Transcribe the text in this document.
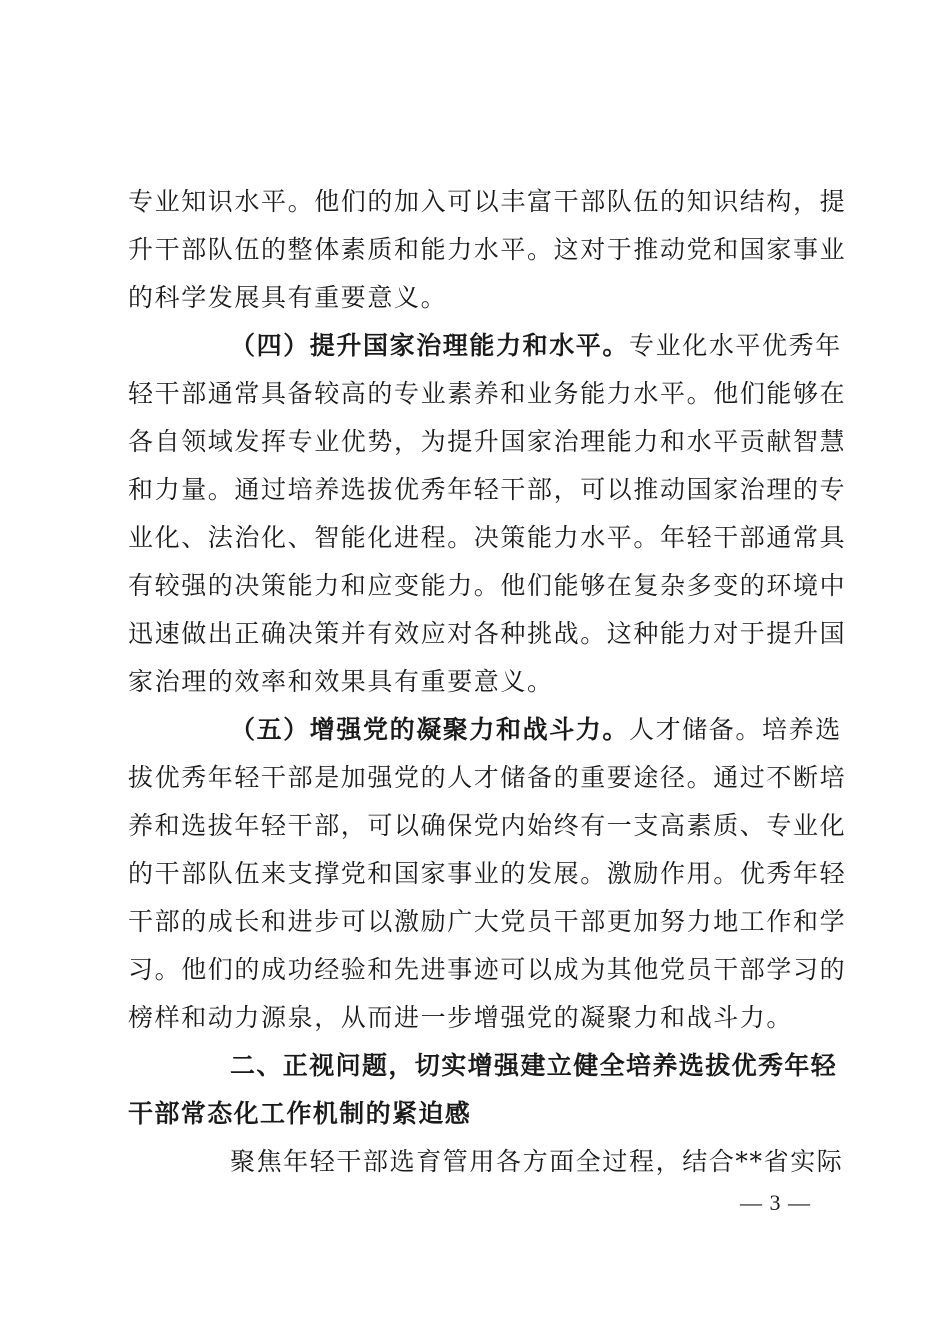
专业知识水平。他们的加入可以丰富干部队伍的知识结构，提
升干部队伍的整体素质和能力水平。这对于推动党和国家事业
的科学发展具有重要意义。
（四）提升国家治理能力和水平。专业化水平优秀年
轻干部通常具备较高的专业素养和业务能力水平。他们能够在
各自领域发挥专业优势，为提升国家治理能力和水平贡献智慧
和力量。通过培养选拔优秀年轻干部，可以推动国家治理的专
业化、法治化、智能化进程。决策能力水平。年轻干部通常具
有较强的决策能力和应变能力。他们能够在复杂多变的环境中
迅速做出正确决策并有效应对各种挑战。这种能力对于提升国
家治理的效率和效果具有重要意义。
（五）增强党的凝聚力和战斗力。人才储备。培养选
拔优秀年轻干部是加强党的人才储备的重要途径。通过不断培
养和选拔年轻干部，可以确保党内始终有一支高素质、专业化
的干部队伍来支撑党和国家事业的发展。激励作用。优秀年轻
干部的成长和进步可以激励广大党员干部更加努力地工作和学
习。他们的成功经验和先进事迹可以成为其他党员干部学习的
榜样和动力源泉，从而进一步增强党的凝聚力和战斗力。
二、正视问题，切实增强建立健全培养选拔优秀年轻
干部常态化工作机制的紧迫感
聚焦年轻干部选育管用各方面全过程，结合**省实际
— 3 —
